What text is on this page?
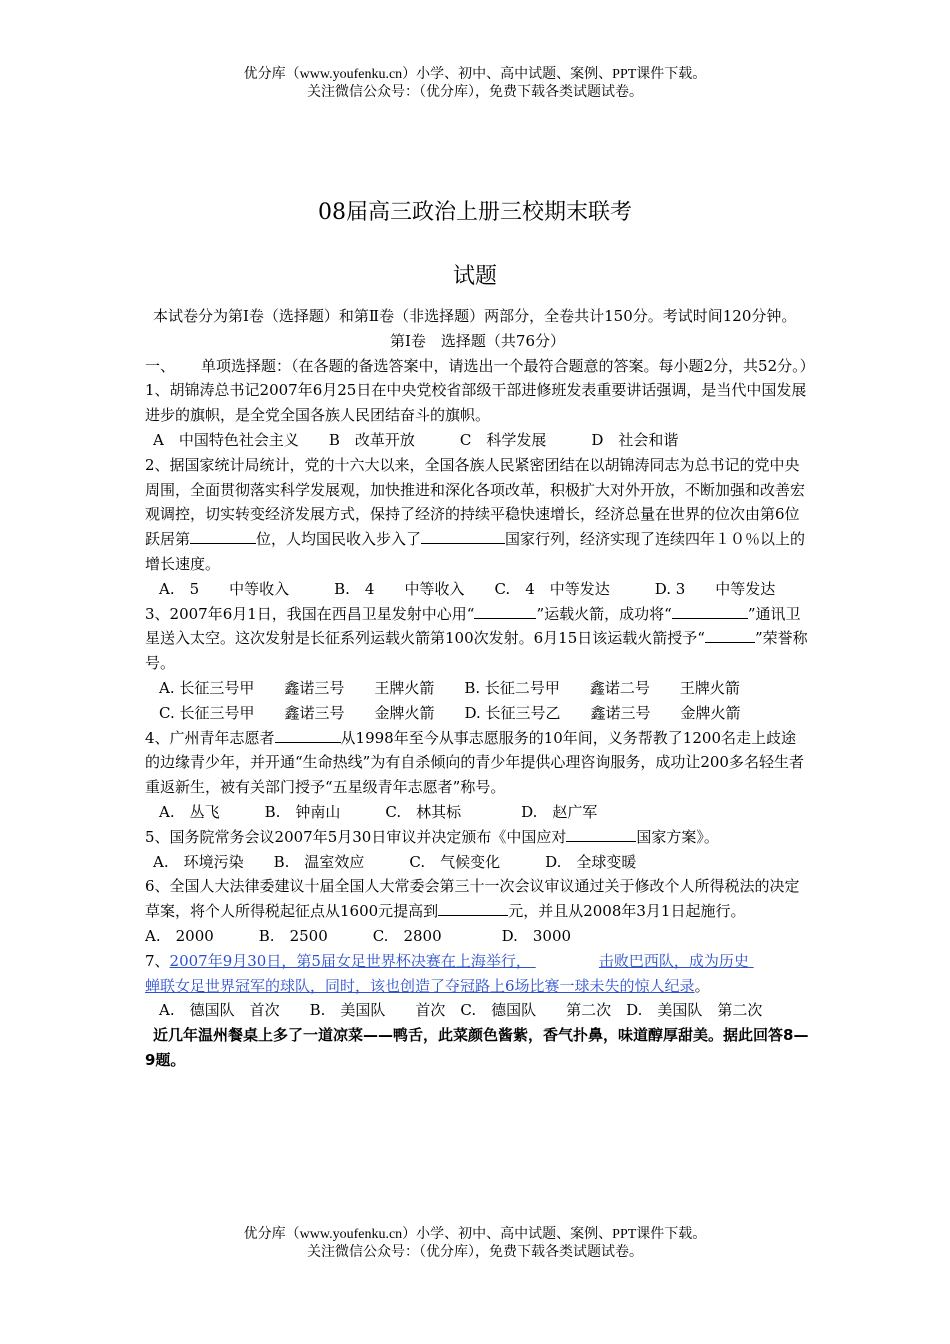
优分库（www.youfenku.cn）小学、初中、高中试题、案例、PPT课件下载。
关注微信公众号：（优分库），免费下载各类试题试卷。
08届高三政治上册三校期末联考
试题

本试卷分为第Ⅰ卷（选择题）和第Ⅱ卷（非选择题）两部分，全卷共计150分。考试时间120分钟。

第Ⅰ卷　选择题（共76分）

一、	单项选择题：（在各题的备选答案中，请选出一个最符合题意的答案。每小题2分，共52分。）

1、胡锦涛总书记2007年6月25日在中央党校省部级干部进修班发表重要讲话强调，是当代中国发展进步的旗帜，是全党全国各族人民团结奋斗的旗帜。

A　中国特色社会主义　　B　改革开放　　　C　科学发展　　　D　社会和谐

2、据国家统计局统计，党的十六大以来，全国各族人民紧密团结在以胡锦涛同志为总书记的党中央周围，全面贯彻落实科学发展观，加快推进和深化各项改革，积极扩大对外开放，不断加强和改善宏观调控，切实转变经济发展方式，保持了经济的持续平稳快速增长，经济总量在世界的位次由第6位跃居第	位，人均国民收入步入了	国家行列，经济实现了连续四年１０％以上的增长速度。

A.　5　　中等收入　　　B.　4　　中等收入　　C.　4　中等发达　　　D. 3　　中等发达

3、2007年6月1日，我国在西昌卫星发射中心用“	”运载火箭，成功将“	”通讯卫星送入太空。这次发射是长征系列运载火箭第100次发射。6月15日该运载火箭授予“	”荣誉称号。

A. 长征三号甲　　鑫诺三号　　王牌火箭　　B. 长征二号甲　　鑫诺二号　　王牌火箭

C. 长征三号甲　　鑫诺三号　　金牌火箭　　D. 长征三号乙　　鑫诺三号　　金牌火箭

4、广州青年志愿者	从1998年至今从事志愿服务的10年间，义务帮教了1200名走上歧途的边缘青少年，并开通“生命热线”为有自杀倾向的青少年提供心理咨询服务，成功让200多名轻生者重返新生，被有关部门授予“五星级青年志愿者”称号。

A.　丛飞　　　B.　钟南山　　　C.　林其标　　　　D.　赵广军

5、国务院常务会议2007年5月30日审议并决定颁布《中国应对	国家方案》。

A.　环境污染　　B.　温室效应　　　C.　气候变化　　　D.　全球变暖

6、全国人大法律委建议十届全国人大常委会第三十一次会议审议通过关于修改个人所得税法的决定草案，将个人所得税起征点从1600元提高到	元，并且从2008年3月1日起施行。

A.　2000　　　B.　2500　　　C.　2800　　　　D.　3000

7、2007年9月30日，第5届女足世界杯决赛在上海举行，	击败巴西队，成为历史 蝉联女足世界冠军的球队，同时，该也创造了夺冠路上6场比赛一球未失的惊人纪录。

A.　德国队　首次　　B.　美国队　　首次　C.　德国队　　第二次　D.　美国队　第二次

近几年温州餐桌上多了一道凉菜——鸭舌，此菜颜色酱紫，香气扑鼻，味道醇厚甜美。据此回答8—9题。

优分库（www.youfenku.cn）小学、初中、高中试题、案例、PPT课件下载。
关注微信公众号：（优分库），免费下载各类试题试卷。
